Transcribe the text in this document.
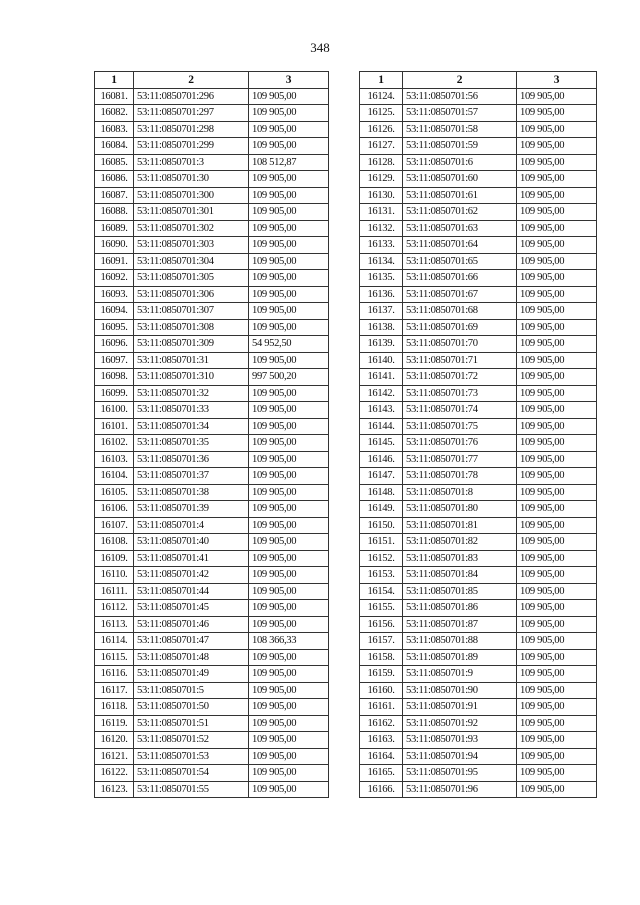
348
1	2	3
16081.	53:11:0850701:296	109 905,00
16082.	53:11:0850701:297	109 905,00
16083.	53:11:0850701:298	109 905,00
16084.	53:11:0850701:299	109 905,00
16085.	53:11:0850701:3	108 512,87
16086.	53:11:0850701:30	109 905,00
16087.	53:11:0850701:300	109 905,00
16088.	53:11:0850701:301	109 905,00
16089.	53:11:0850701:302	109 905,00
16090.	53:11:0850701:303	109 905,00
16091.	53:11:0850701:304	109 905,00
16092.	53:11:0850701:305	109 905,00
16093.	53:11:0850701:306	109 905,00
16094.	53:11:0850701:307	109 905,00
16095.	53:11:0850701:308	109 905,00
16096.	53:11:0850701:309	54 952,50
16097.	53:11:0850701:31	109 905,00
16098.	53:11:0850701:310	997 500,20
16099.	53:11:0850701:32	109 905,00
16100.	53:11:0850701:33	109 905,00
16101.	53:11:0850701:34	109 905,00
16102.	53:11:0850701:35	109 905,00
16103.	53:11:0850701:36	109 905,00
16104.	53:11:0850701:37	109 905,00
16105.	53:11:0850701:38	109 905,00
16106.	53:11:0850701:39	109 905,00
16107.	53:11:0850701:4	109 905,00
16108.	53:11:0850701:40	109 905,00
16109.	53:11:0850701:41	109 905,00
16110.	53:11:0850701:42	109 905,00
16111.	53:11:0850701:44	109 905,00
16112.	53:11:0850701:45	109 905,00
16113.	53:11:0850701:46	109 905,00
16114.	53:11:0850701:47	108 366,33
16115.	53:11:0850701:48	109 905,00
16116.	53:11:0850701:49	109 905,00
16117.	53:11:0850701:5	109 905,00
16118.	53:11:0850701:50	109 905,00
16119.	53:11:0850701:51	109 905,00
16120.	53:11:0850701:52	109 905,00
16121.	53:11:0850701:53	109 905,00
16122.	53:11:0850701:54	109 905,00
16123.	53:11:0850701:55	109 905,00
1	2	3
16124.	53:11:0850701:56	109 905,00
16125.	53:11:0850701:57	109 905,00
16126.	53:11:0850701:58	109 905,00
16127.	53:11:0850701:59	109 905,00
16128.	53:11:0850701:6	109 905,00
16129.	53:11:0850701:60	109 905,00
16130.	53:11:0850701:61	109 905,00
16131.	53:11:0850701:62	109 905,00
16132.	53:11:0850701:63	109 905,00
16133.	53:11:0850701:64	109 905,00
16134.	53:11:0850701:65	109 905,00
16135.	53:11:0850701:66	109 905,00
16136.	53:11:0850701:67	109 905,00
16137.	53:11:0850701:68	109 905,00
16138.	53:11:0850701:69	109 905,00
16139.	53:11:0850701:70	109 905,00
16140.	53:11:0850701:71	109 905,00
16141.	53:11:0850701:72	109 905,00
16142.	53:11:0850701:73	109 905,00
16143.	53:11:0850701:74	109 905,00
16144.	53:11:0850701:75	109 905,00
16145.	53:11:0850701:76	109 905,00
16146.	53:11:0850701:77	109 905,00
16147.	53:11:0850701:78	109 905,00
16148.	53:11:0850701:8	109 905,00
16149.	53:11:0850701:80	109 905,00
16150.	53:11:0850701:81	109 905,00
16151.	53:11:0850701:82	109 905,00
16152.	53:11:0850701:83	109 905,00
16153.	53:11:0850701:84	109 905,00
16154.	53:11:0850701:85	109 905,00
16155.	53:11:0850701:86	109 905,00
16156.	53:11:0850701:87	109 905,00
16157.	53:11:0850701:88	109 905,00
16158.	53:11:0850701:89	109 905,00
16159.	53:11:0850701:9	109 905,00
16160.	53:11:0850701:90	109 905,00
16161.	53:11:0850701:91	109 905,00
16162.	53:11:0850701:92	109 905,00
16163.	53:11:0850701:93	109 905,00
16164.	53:11:0850701:94	109 905,00
16165.	53:11:0850701:95	109 905,00
16166.	53:11:0850701:96	109 905,00
